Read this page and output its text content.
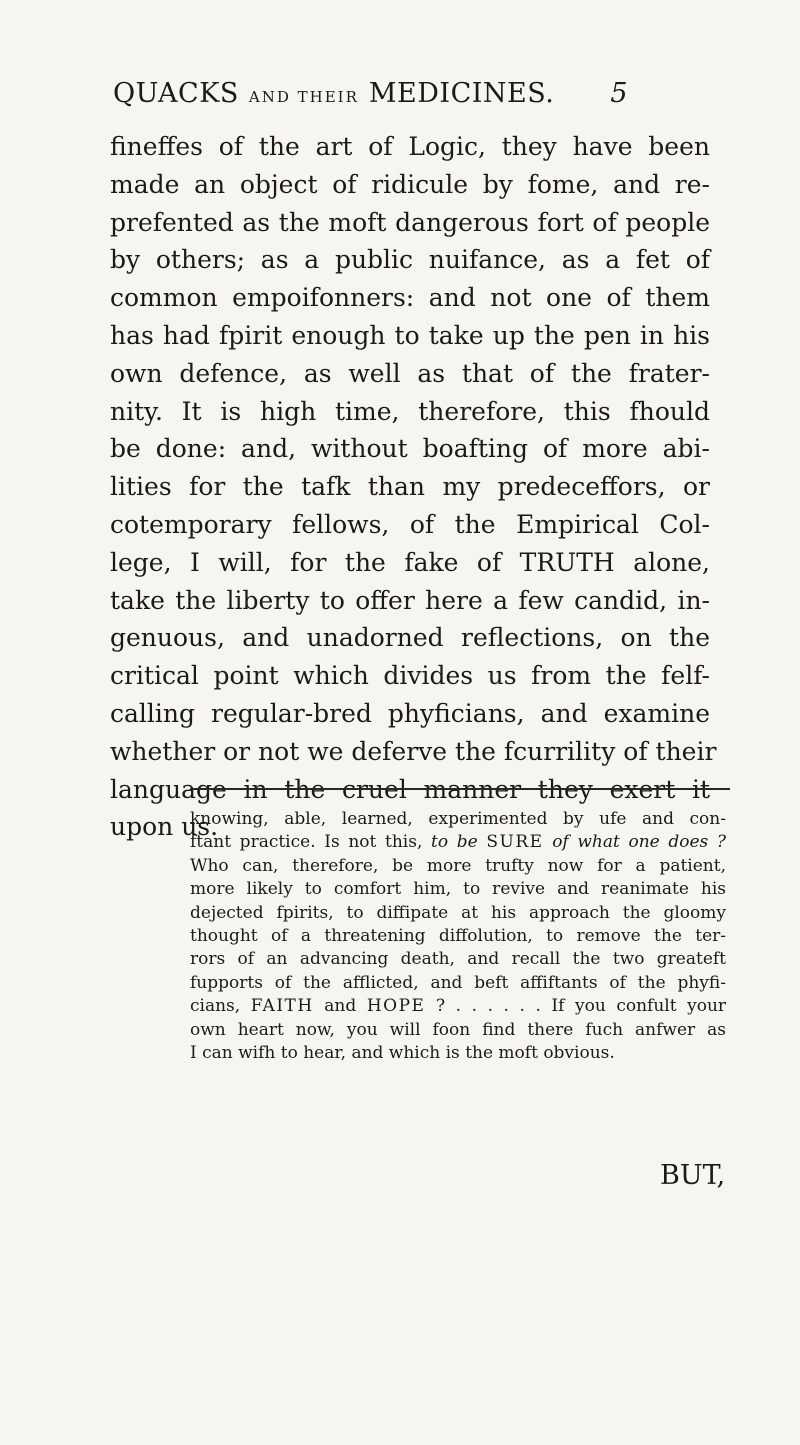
QUACKS AND THEIR MEDICINES. 5
fineffes of the art of Logic, they have been
made an object of ridicule by fome, and re-
prefented as the moft dangerous fort of people
by others; as a public nuifance, as a fet of
common empoifonners: and not one of them
has had fpirit enough to take up the pen in his
own defence, as well as that of the frater-
nity. It is high time, therefore, this fhould
be done: and, without boafting of more abi-
lities for the tafk than my predeceffors, or
cotemporary fellows, of the Empirical Col-
lege, I will, for the fake of TRUTH alone,
take the liberty to offer here a few candid, in-
genuous, and unadorned reflections, on the
critical point which divides us from the felf-
calling regular-bred phyficians, and examine
whether or not we deferve the fcurrility of their
language in the cruel manner they exert it
upon us.
knowing, able, learned, experimented by ufe and con-
ftant practice. Is not this, to be SURE of what one does ?
Who can, therefore, be more trufty now for a patient,
more likely to comfort him, to revive and reanimate his
dejected fpirits, to diffipate at his approach the gloomy
thought of a threatening diffolution, to remove the ter-
rors of an advancing death, and recall the two greateft
fupports of the afflicted, and beft affiftants of the phyfi-
cians, FAITH and HOPE ? . . . . . . If you confult your
own heart now, you will foon find there fuch anfwer as
I can wifh to hear, and which is the moft obvious.
BUT,
